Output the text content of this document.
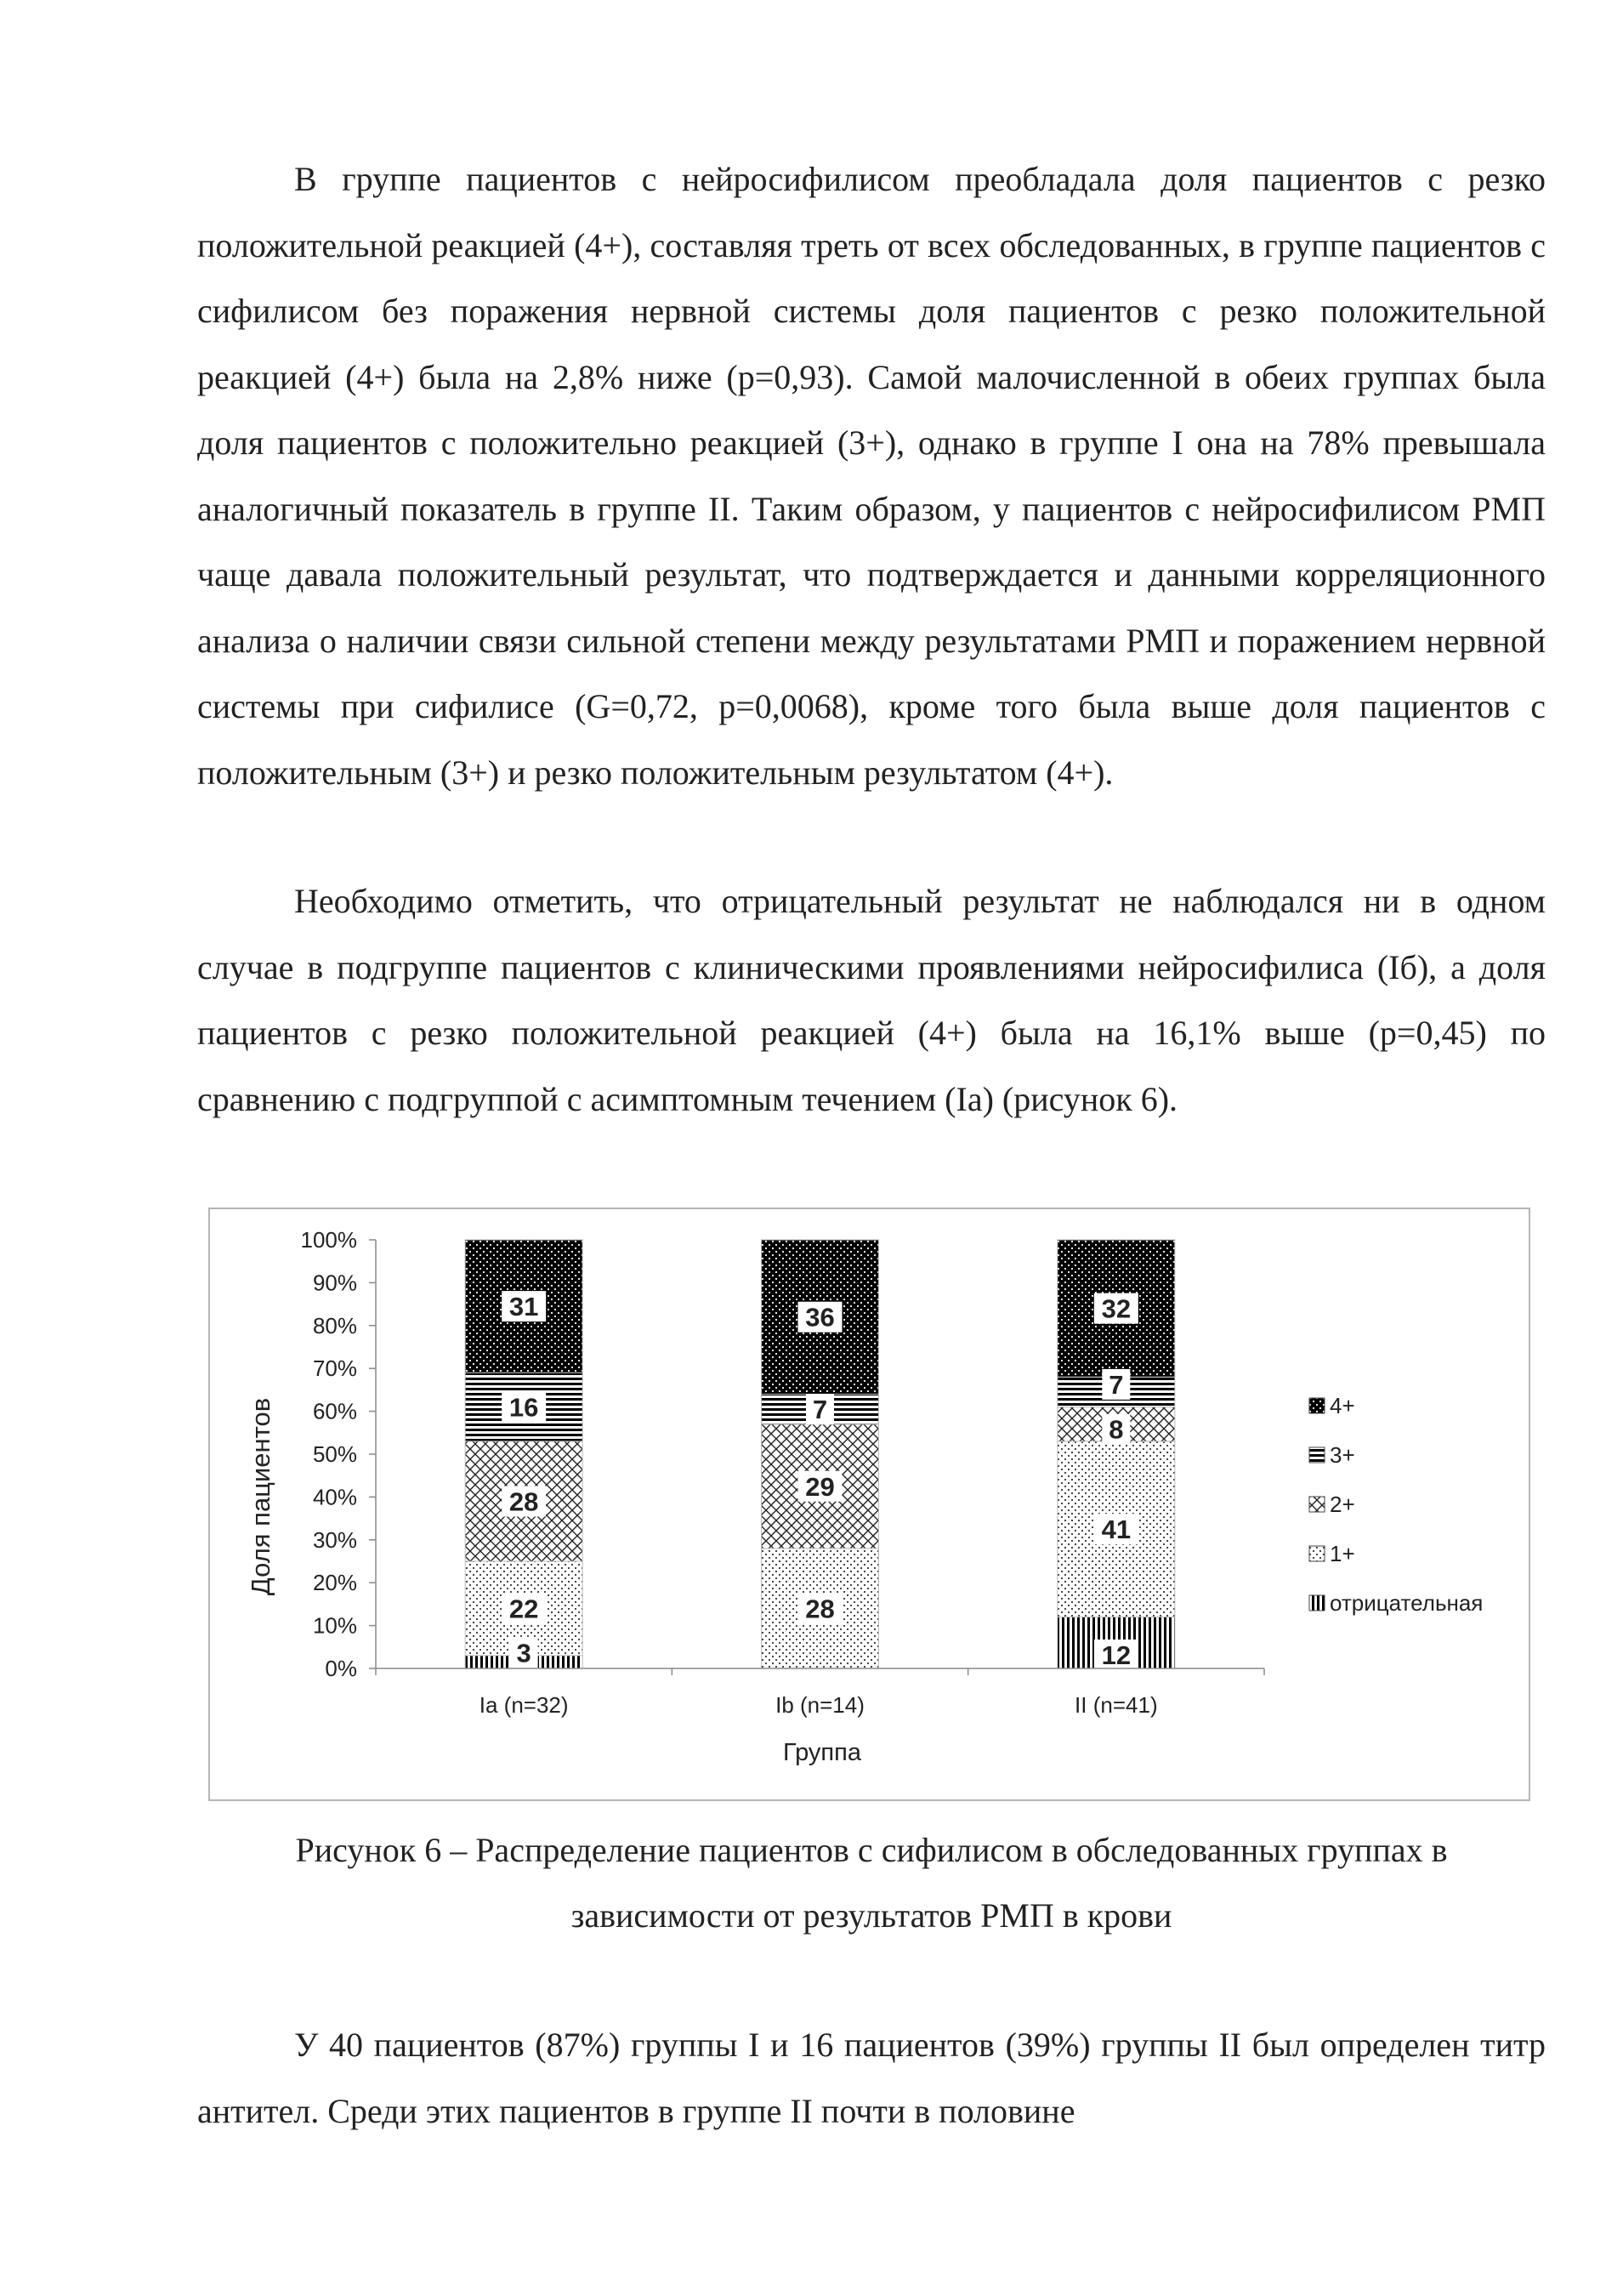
В группе пациентов с нейросифилисом преобладала доля пациентов с резко положительной реакцией (4+), составляя треть от всех обследованных, в группе пациентов с сифилисом без поражения нервной системы доля пациентов с резко положительной реакцией (4+) была на 2,8% ниже (p=0,93). Самой малочисленной в обеих группах была доля пациентов с положительно реакцией (3+), однако в группе I она на 78% превышала аналогичный показатель в группе II. Таким образом, у пациентов с нейросифилисом РМП чаще давала положительный результат, что подтверждается и данными корреляционного анализа о наличии связи сильной степени между результатами РМП и поражением нервной системы при сифилисе (G=0,72, p=0,0068), кроме того была выше доля пациентов с положительным (3+) и резко положительным результатом (4+).

Необходимо отметить, что отрицательный результат не наблюдался ни в одном случае в подгруппе пациентов с клиническими проявлениями нейросифилиса (Iб), а доля пациентов с резко положительной реакцией (4+) была на 16,1% выше (p=0,45) по сравнению с подгруппой с асимптомным течением (Ia) (рисунок 6).

0%
10%
20%
30%
40%
50%
60%
70%
80%
90%
100%
3
22
28
16
31
28
29
7
36
12
41
8
7
32
Ia (n=32)	Ib (n=14)	II (n=41)
4+
3+
2+
1+
отрицательная
Доля пациентов
Группа
Рисунок 6 – Распределение пациентов с сифилисом в обследованных группах в
зависимости от результатов РМП в крови

У 40 пациентов (87%) группы I и 16 пациентов (39%) группы II был определен титр антител. Среди этих пациентов в группе II почти в половине
